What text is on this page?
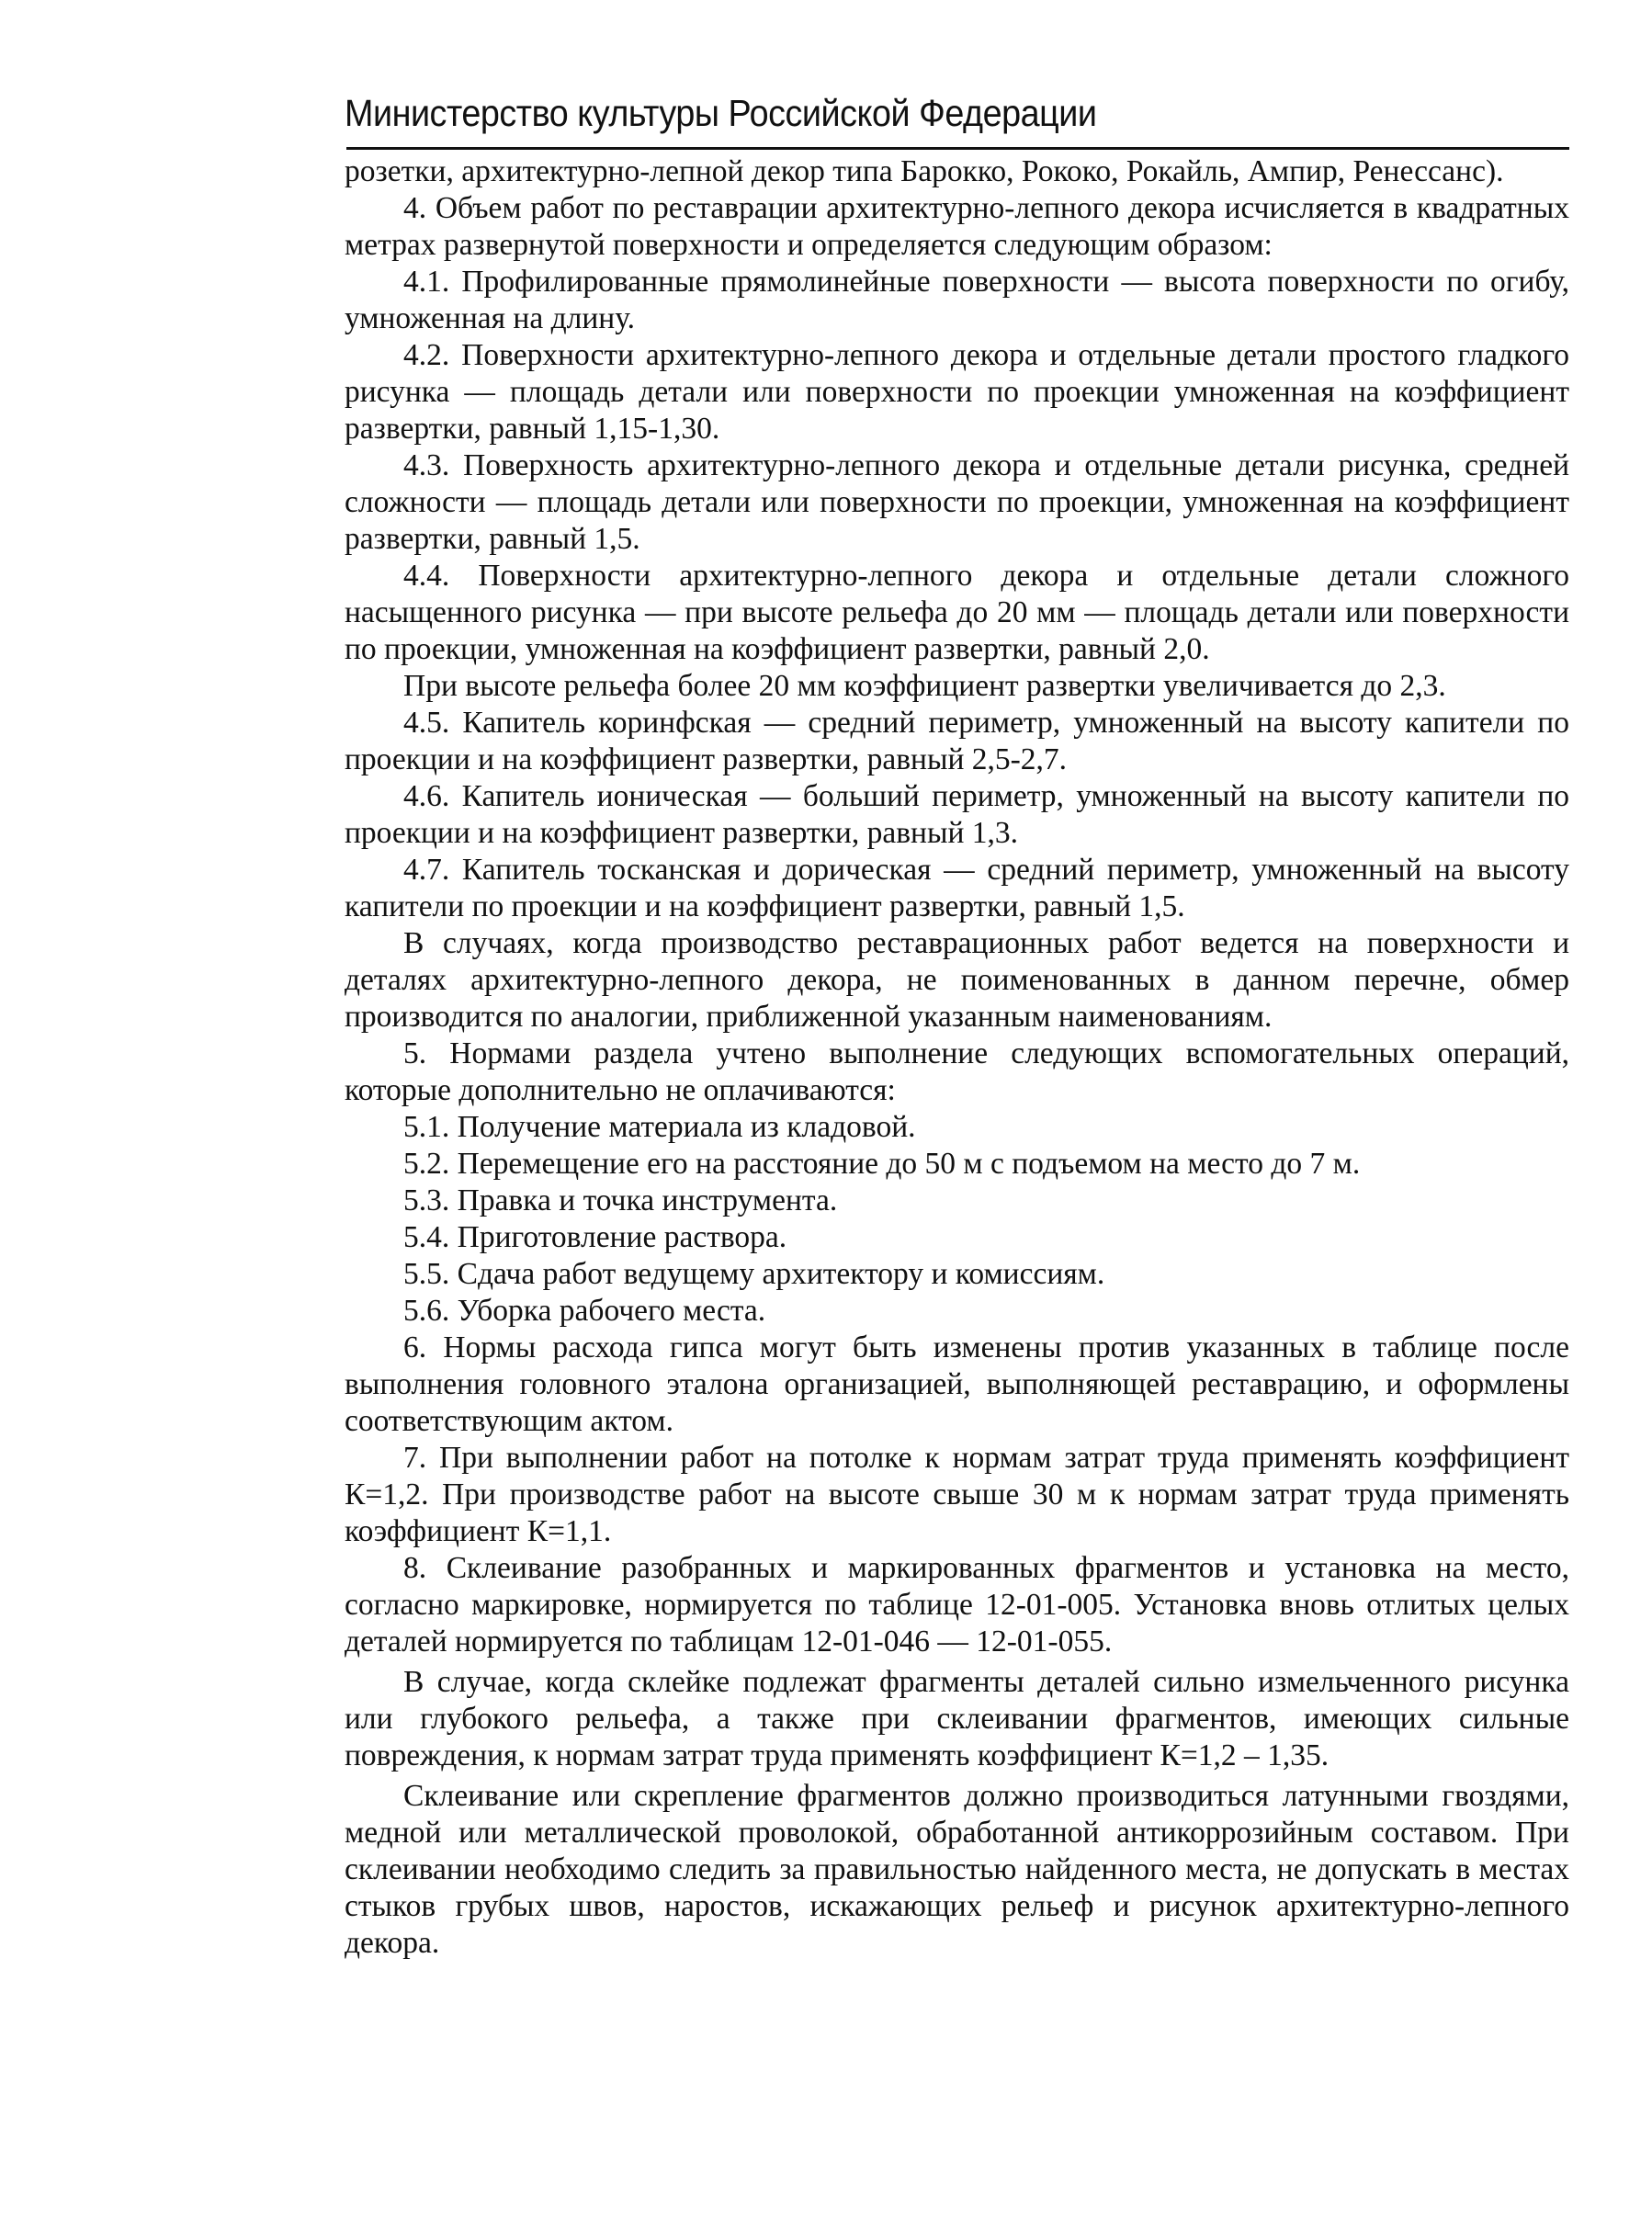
Министерство культуры Российской Федерации

розетки, архитектурно-лепной декор типа Барокко, Рококо, Рокайль, Ампир, Ренессанс).

4. Объем работ по реставрации архитектурно-лепного декора исчисляется в квадратных метрах развернутой поверхности и определяется следующим образом:

4.1. Профилированные прямолинейные поверхности — высота поверхности по огибу, умноженная на длину.

4.2. Поверхности архитектурно-лепного декора и отдельные детали простого гладкого рисунка — площадь детали или поверхности по проекции умноженная на коэффициент развертки, равный 1,15-1,30.

4.3. Поверхность архитектурно-лепного декора и отдельные детали рисунка, средней сложности — площадь детали или поверхности по проекции, умноженная на коэффициент развертки, равный 1,5.

4.4. Поверхности архитектурно-лепного декора и отдельные детали сложного насыщенного рисунка — при высоте рельефа до 20 мм — площадь детали или поверхности по проекции, умноженная на коэффициент развертки, равный 2,0.

При высоте рельефа более 20 мм коэффициент развертки увеличивается до 2,3.

4.5. Капитель коринфская — средний периметр, умноженный на высоту капители по проекции и на коэффициент развертки, равный 2,5-2,7.

4.6. Капитель ионическая — больший периметр, умноженный на высоту капители по проекции и на коэффициент развертки, равный 1,3.

4.7. Капитель тосканская и дорическая — средний периметр, умноженный на высоту капители по проекции и на коэффициент развертки, равный 1,5.

В случаях, когда производство реставрационных работ ведется на поверхности и деталях архитектурно-лепного декора, не поименованных в данном перечне, обмер производится по аналогии, приближенной указанным наименованиям.

5. Нормами раздела учтено выполнение следующих вспомогательных операций, которые дополнительно не оплачиваются:

5.1. Получение материала из кладовой.

5.2. Перемещение его на расстояние до 50 м с подъемом на место до 7 м.

5.3. Правка и точка инструмента.

5.4. Приготовление раствора.

5.5. Сдача работ ведущему архитектору и комиссиям.

5.6. Уборка рабочего места.

6. Нормы расхода гипса могут быть изменены против указанных в таблице после выполнения головного эталона организацией, выполняющей реставрацию, и оформлены соответствующим актом.

7. При выполнении работ на потолке к нормам затрат труда применять коэффициент К=1,2. При производстве работ на высоте свыше 30 м к нормам затрат труда применять коэффициент К=1,1.

8. Склеивание разобранных и маркированных фрагментов и установка на место, согласно маркировке, нормируется по таблице 12-01-005. Установка вновь отлитых целых деталей нормируется по таблицам 12-01-046 — 12-01-055.

В случае, когда склейке подлежат фрагменты деталей сильно измельченного рисунка или глубокого рельефа, а также при склеивании фрагментов, имеющих сильные повреждения, к нормам затрат труда применять коэффициент К=1,2 – 1,35.

Склеивание или скрепление фрагментов должно производиться латунными гвоздями, медной или металлической проволокой, обработанной антикоррозийным составом. При склеивании необходимо следить за правильностью найденного места, не допускать в местах стыков грубых швов, наростов, искажающих рельеф и рисунок архитектурно-лепного декора.
